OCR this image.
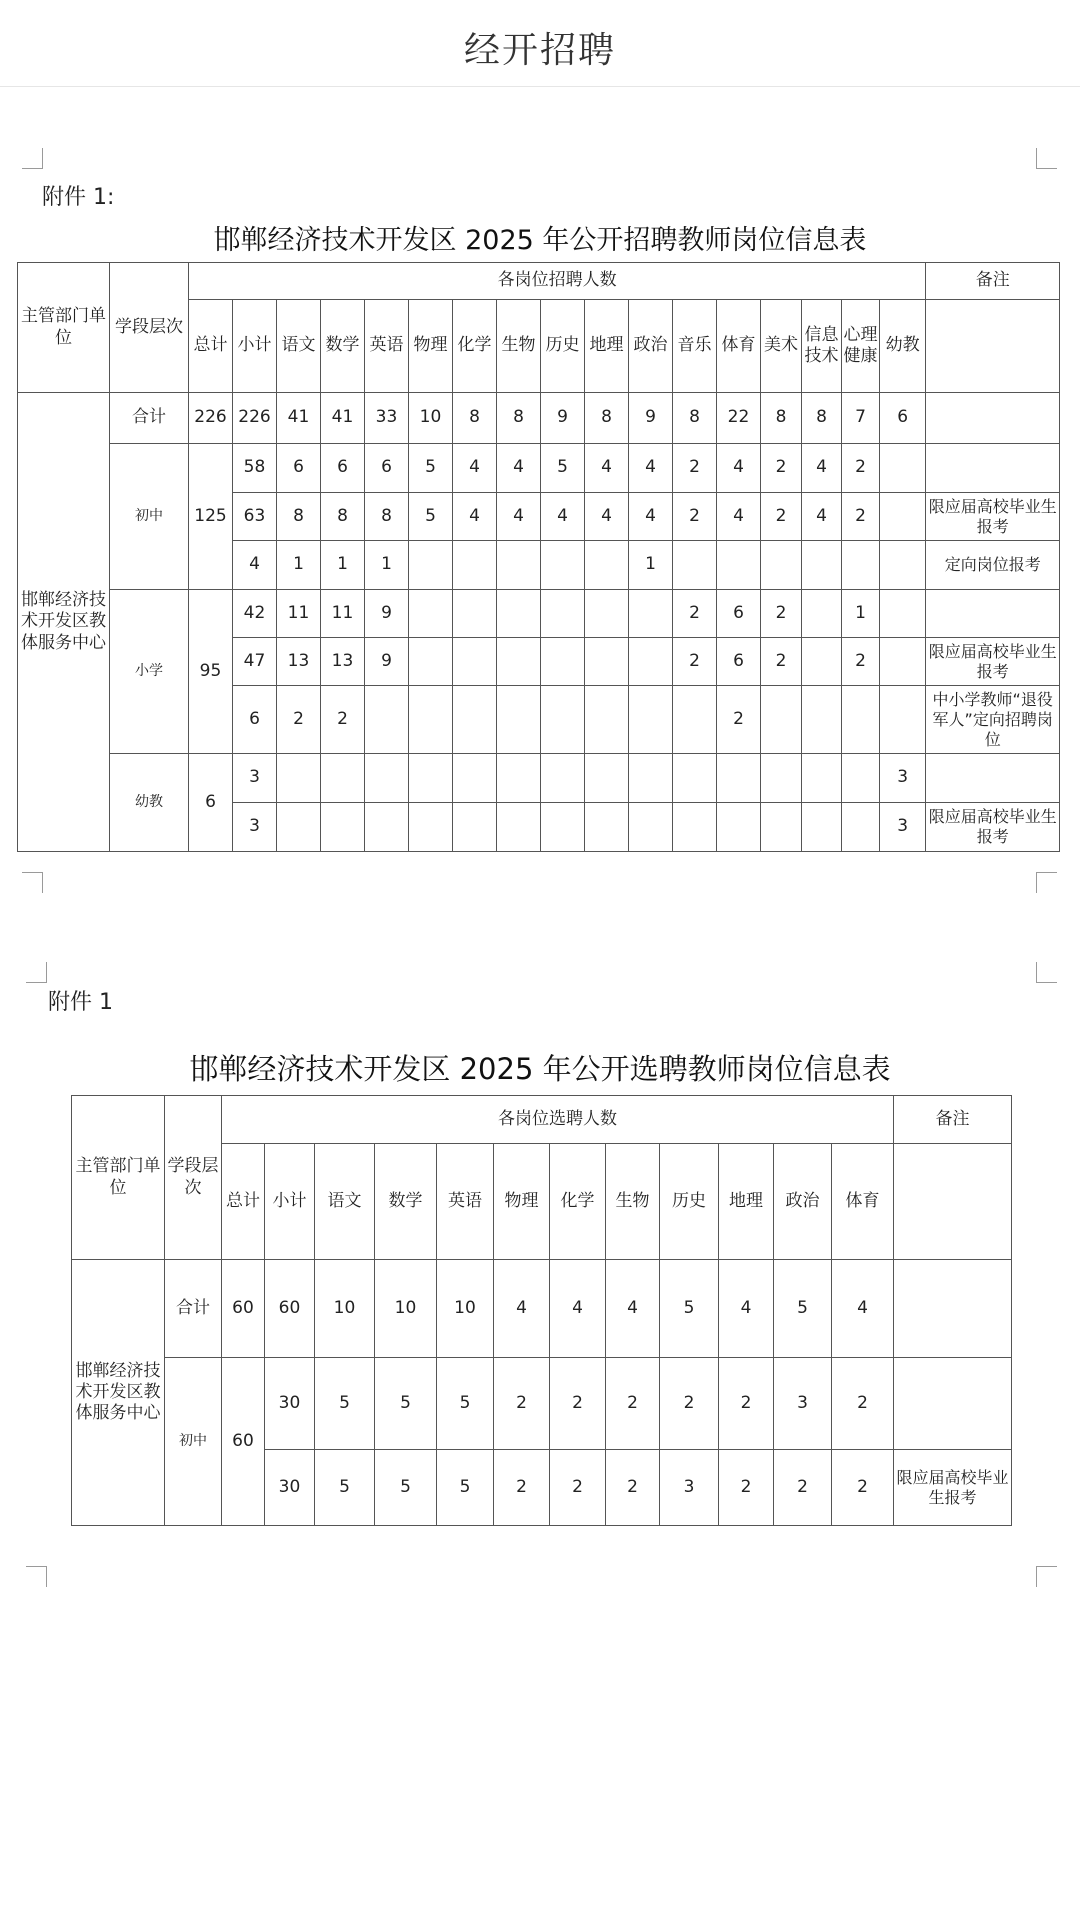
经开招聘
附件 1:
邯郸经济技术开发区 2025 年公开招聘教师岗位信息表
主管部门单位	学段层次	各岗位招聘人数																	备注
		总计	小计	语文	数学	英语	物理	化学	生物	历史	地理	政治	音乐	体育	美术	信息技术	心理健康	幼教	
邯郸经济技术开发区教体服务中心	合计	226	226	41	41	33	10	8	8	9	8	9	8	22	8	8	7	6	
	初中	125	58	6	6	6	5	4	4	5	4	4	2	4	2	4	2		
			63	8	8	8	5	4	4	4	4	4	2	4	2	4	2		限应届高校毕业生报考
			4	1	1	1						1							定向岗位报考
	小学	95	42	11	11	9							2	6	2		1		
			47	13	13	9							2	6	2		2		限应届高校毕业生报考
			6	2	2									2					中小学教师“退役军人”定向招聘岗位
	幼教	6	3															3	
			3															3	限应届高校毕业生报考
附件 1
邯郸经济技术开发区 2025 年公开选聘教师岗位信息表
主管部门单位	学段层次	各岗位选聘人数												备注
		总计	小计	语文	数学	英语	物理	化学	生物	历史	地理	政治	体育	
邯郸经济技术开发区教体服务中心	合计	60	60	10	10	10	4	4	4	5	4	5	4	
	初中	60	30	5	5	5	2	2	2	2	2	3	2	
			30	5	5	5	2	2	2	3	2	2	2	限应届高校毕业生报考
